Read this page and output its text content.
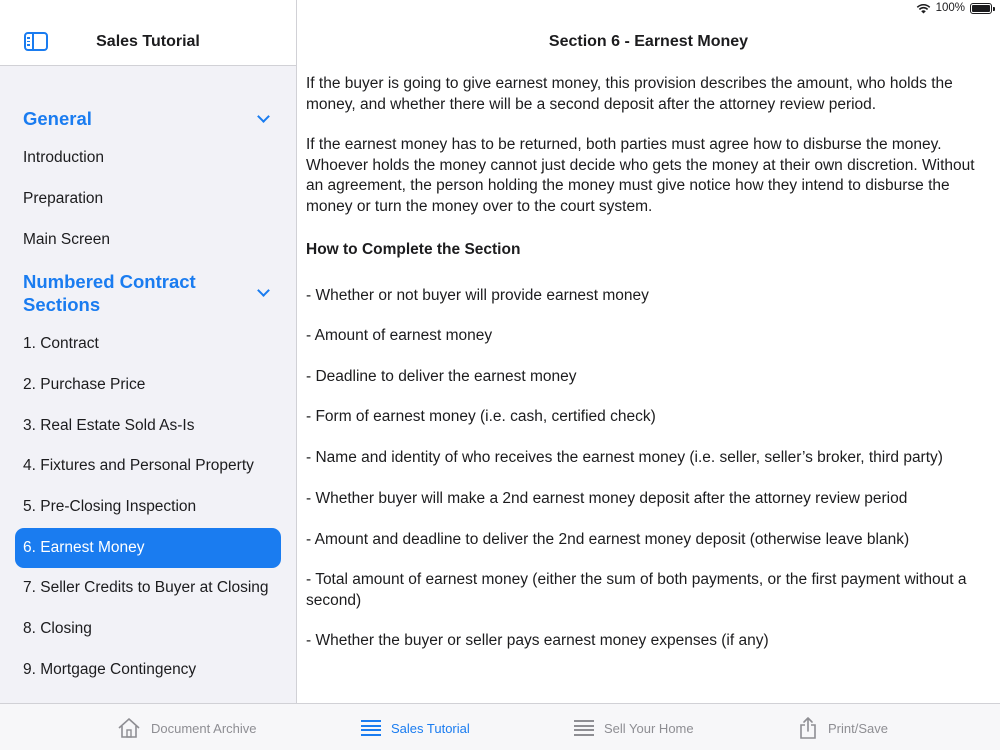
100%
Sales Tutorial
General
Introduction
Preparation
Main Screen
Numbered Contract Sections
1. Contract
2. Purchase Price
3. Real Estate Sold As-Is
4. Fixtures and Personal Property
5. Pre-Closing Inspection
6. Earnest Money
7. Seller Credits to Buyer at Closing
8. Closing
9. Mortgage Contingency
Section 6 - Earnest Money

If the buyer is going to give earnest money, this provision describes the amount, who holds the money, and whether there will be a second deposit after the attorney review period.

If the earnest money has to be returned, both parties must agree how to disburse the money. Whoever holds the money cannot just decide who gets the money at their own discretion. Without an agreement, the person holding the money must give notice how they intend to disburse the money or turn the money over to the court system.

How to Complete the Section
- Whether or not buyer will provide earnest money
- Amount of earnest money
- Deadline to deliver the earnest money
- Form of earnest money (i.e. cash, certified check)
- Name and identity of who receives the earnest money (i.e. seller, seller’s broker, third party)
- Whether buyer will make a 2nd earnest money deposit after the attorney review period
- Amount and deadline to deliver the 2nd earnest money deposit (otherwise leave blank)
- Total amount of earnest money (either the sum of both payments, or the first payment without a second)
- Whether the buyer or seller pays earnest money expenses (if any)
Document Archive	Sales Tutorial	Sell Your Home	Print/Save
